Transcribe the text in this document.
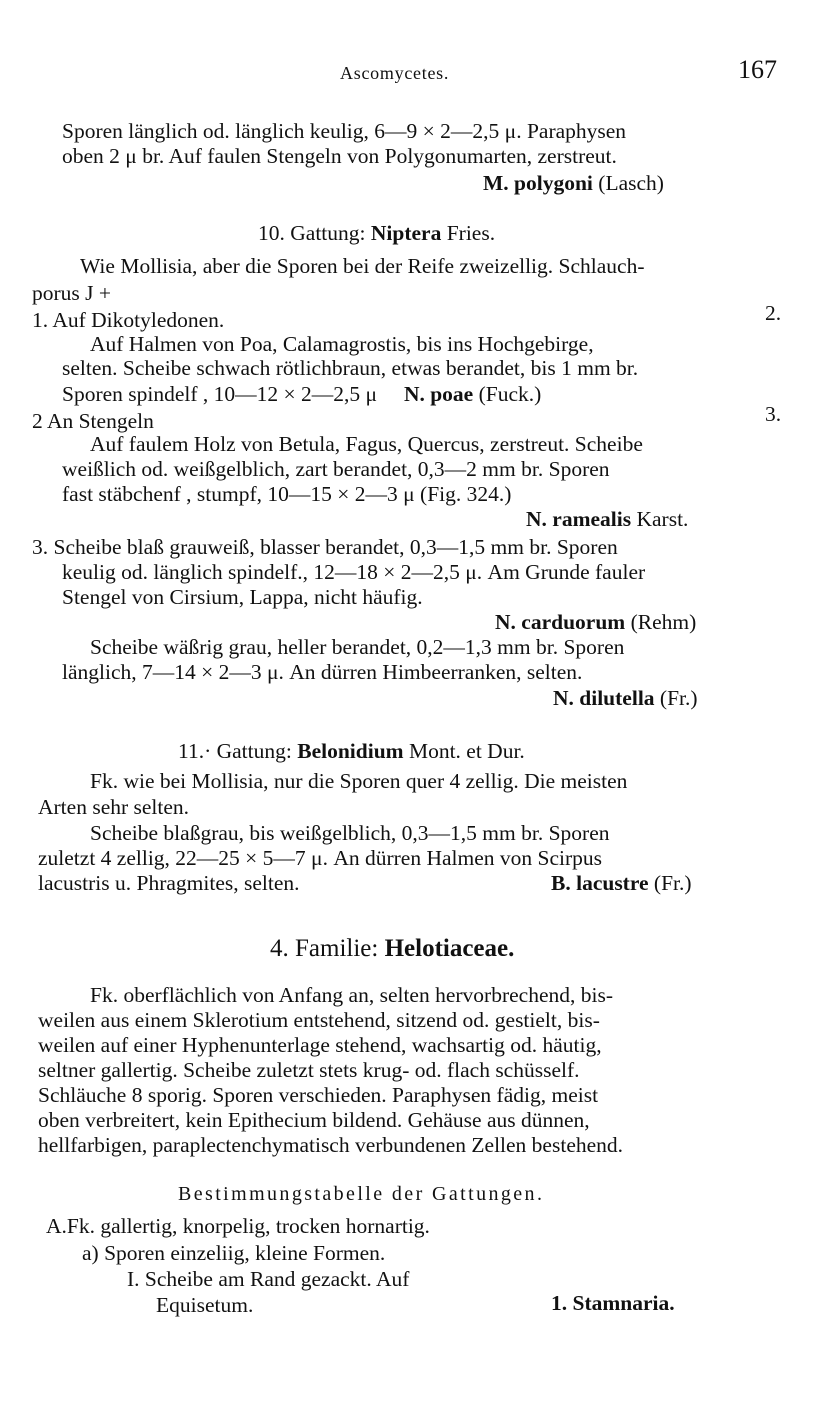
Ascomycetes.	167
Sporen länglich od. länglich keulig, 6—9 × 2—2,5 μ. Paraphysen
oben 2 μ br. Auf faulen Stengeln von Polygonumarten, zerstreut.
M. polygoni (Lasch)
10. Gattung: Niptera Fries.
Wie Mollisia, aber die Sporen bei der Reife zweizellig. Schlauch-
porus J +
1. Auf Dikotyledonen.	2.
Auf Halmen von Poa, Calamagrostis, bis ins Hochgebirge,
selten. Scheibe schwach rötlichbraun, etwas berandet, bis 1 mm br.
Sporen spindelf , 10—12 × 2—2,5 μ N. poae (Fuck.)
2 An Stengeln	3.
Auf faulem Holz von Betula, Fagus, Quercus, zerstreut. Scheibe
weißlich od. weißgelblich, zart berandet, 0,3—2 mm br. Sporen
fast stäbchenf , stumpf, 10—15 × 2—3 μ (Fig. 324.)
N. ramealis Karst.
3. Scheibe blaß grauweiß, blasser berandet, 0,3—1,5 mm br. Sporen
keulig od. länglich spindelf., 12—18 × 2—2,5 μ. Am Grunde fauler
Stengel von Cirsium, Lappa, nicht häufig.
N. carduorum (Rehm)
Scheibe wäßrig grau, heller berandet, 0,2—1,3 mm br. Sporen
länglich, 7—14 × 2—3 μ. An dürren Himbeerranken, selten.
N. dilutella (Fr.)
11.· Gattung: Belonidium Mont. et Dur.
Fk. wie bei Mollisia, nur die Sporen quer 4 zellig. Die meisten
Arten sehr selten.
Scheibe blaßgrau, bis weißgelblich, 0,3—1,5 mm br. Sporen
zuletzt 4 zellig, 22—25 × 5—7 μ. An dürren Halmen von Scirpus
lacustris u. Phragmites, selten.	B. lacustre (Fr.)
4. Familie: Helotiaceae.
Fk. oberflächlich von Anfang an, selten hervorbrechend, bis-
weilen aus einem Sklerotium entstehend, sitzend od. gestielt, bis-
weilen auf einer Hyphenunterlage stehend, wachsartig od. häutig,
seltner gallertig. Scheibe zuletzt stets krug- od. flach schüsself.
Schläuche 8 sporig. Sporen verschieden. Paraphysen fädig, meist
oben verbreitert, kein Epithecium bildend. Gehäuse aus dünnen,
hellfarbigen, paraplectenchymatisch verbundenen Zellen bestehend.
Bestimmungstabelle der Gattungen.
A.Fk. gallertig, knorpelig, trocken hornartig.
a) Sporen einzeliig, kleine Formen.
I. Scheibe am Rand gezackt. Auf
Equisetum.	1. Stamnaria.
